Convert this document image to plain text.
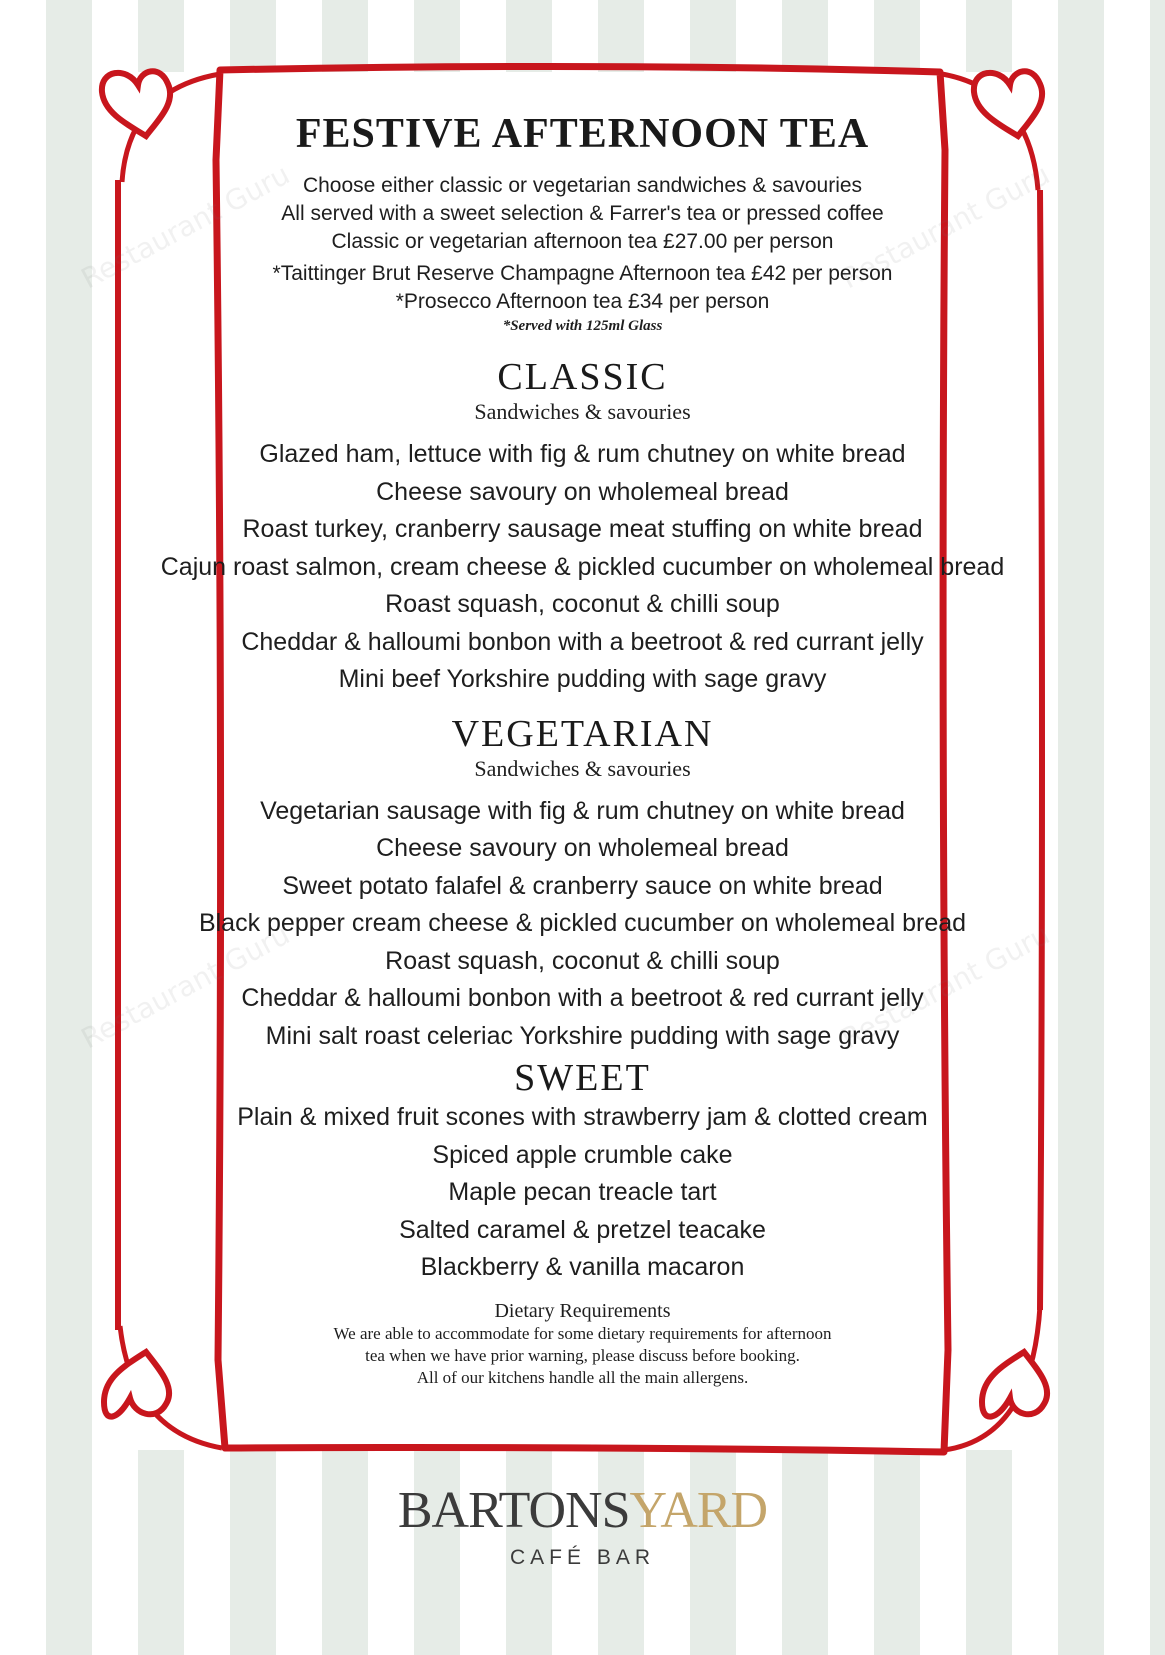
Restaurant Guru	Restaurant Guru
Restaurant Guru	Restaurant Guru
FESTIVE AFTERNOON TEA
Choose either classic or vegetarian sandwiches & savouries
All served with a sweet selection & Farrer's tea or pressed coffee
Classic or vegetarian afternoon tea £27.00 per person
*Taittinger Brut Reserve Champagne Afternoon tea £42 per person
*Prosecco Afternoon tea £34 per person
*Served with 125ml Glass
CLASSIC
Sandwiches & savouries
Glazed ham, lettuce with fig & rum chutney on white bread
Cheese savoury on wholemeal bread
Roast turkey, cranberry sausage meat stuffing on white bread
Cajun roast salmon, cream cheese & pickled cucumber on wholemeal bread
Roast squash, coconut & chilli soup
Cheddar & halloumi bonbon with a beetroot & red currant jelly
Mini beef Yorkshire pudding with sage gravy
VEGETARIAN
Sandwiches & savouries
Vegetarian sausage with fig & rum chutney on white bread
Cheese savoury on wholemeal bread
Sweet potato falafel & cranberry sauce on white bread
Black pepper cream cheese & pickled cucumber on wholemeal bread
Roast squash, coconut & chilli soup
Cheddar & halloumi bonbon with a beetroot & red currant jelly
Mini salt roast celeriac Yorkshire pudding with sage gravy
SWEET
Plain & mixed fruit scones with strawberry jam & clotted cream
Spiced apple crumble cake
Maple pecan treacle tart
Salted caramel & pretzel teacake
Blackberry & vanilla macaron
Dietary Requirements
We are able to accommodate for some dietary requirements for afternoon
tea when we have prior warning, please discuss before booking.
All of our kitchens handle all the main allergens.
BARTONSYARD
CAFÉ BAR
